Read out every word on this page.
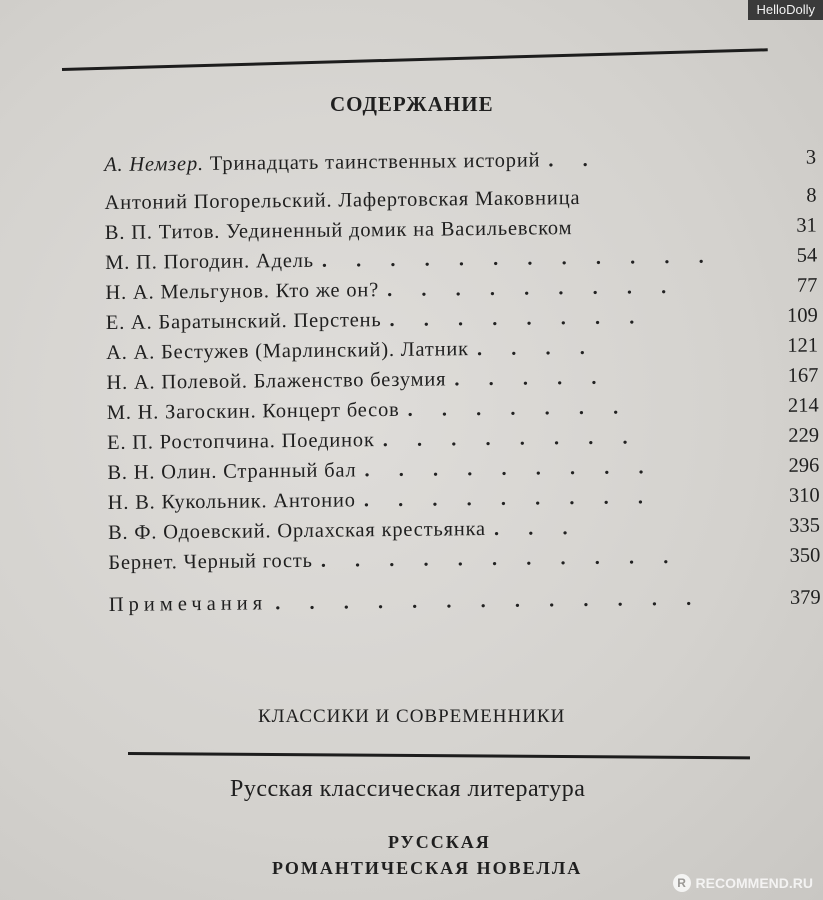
HelloDolly
СОДЕРЖАНИЕ
А. Немзер. Тринадцать таинственных историй . .	3
Антоний Погорельский. Лафертовская Маковница	8
В. П. Титов. Уединенный домик на Васильевском	31
М. П. Погодин. Адель . . . . . . . . . . . .	54
Н. А. Мельгунов. Кто же он? . . . . . . . . .	77
Е. А. Баратынский. Перстень . . . . . . . .	109
А. А. Бестужев (Марлинский). Латник . . . .	121
Н. А. Полевой. Блаженство безумия . . . . .	167
М. Н. Загоскин. Концерт бесов . . . . . . .	214
Е. П. Ростопчина. Поединок . . . . . . . .	229
В. Н. Олин. Странный бал . . . . . . . . .	296
Н. В. Кукольник. Антонио . . . . . . . . .	310
В. Ф. Одоевский. Орлахская крестьянка . . .	335
Бернет. Черный гость . . . . . . . . . . .	350
Примечания . . . . . . . . . . . . .	379
КЛАССИКИ И СОВРЕМЕННИКИ
Русская классическая литература
РУССКАЯ
РОМАНТИЧЕСКАЯ НОВЕЛЛА
R RECOMMEND.RU
